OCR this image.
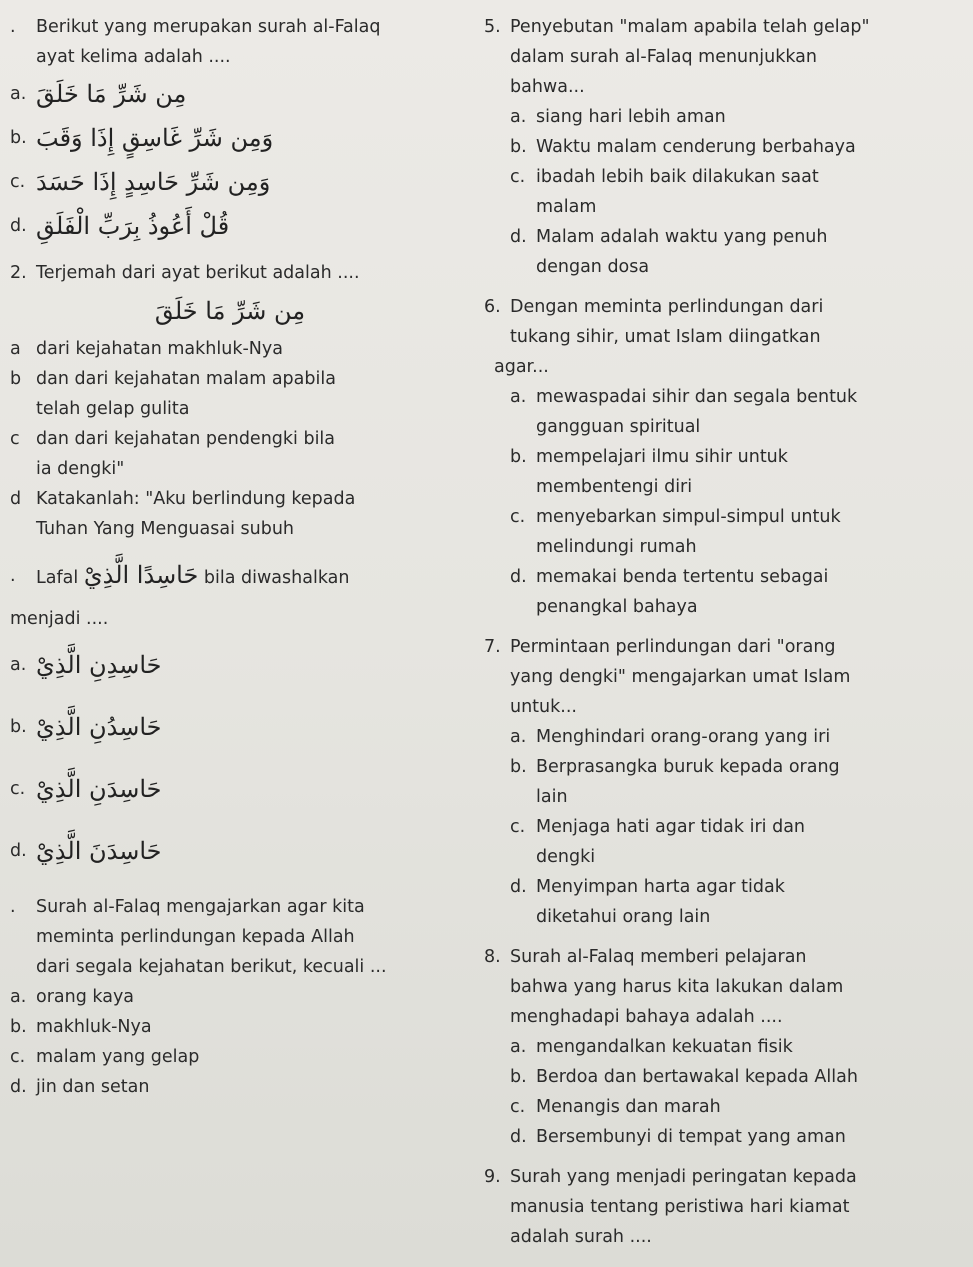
.	Berikut yang merupakan surah al-Falaq
ayat kelima adalah ....
a. مِن شَرِّ مَا خَلَقَ
b. وَمِن شَرِّ غَاسِقٍ إِذَا وَقَبَ
c. وَمِن شَرِّ حَاسِدٍ إِذَا حَسَدَ
d. قُلْ أَعُوذُ بِرَبِّ الْفَلَقِ
2. Terjemah dari ayat berikut adalah ....
مِن شَرِّ مَا خَلَقَ
a dari kejahatan makhluk-Nya
b dan dari kejahatan malam apabila
telah gelap gulita
c dan dari kejahatan pendengki bila
ia dengki"
d Katakanlah: "Aku berlindung kepada
Tuhan Yang Menguasai subuh
.	Lafal حَاسِدًا الَّذِيْ bila diwashalkan
menjadi ....
a. حَاسِدِنِ الَّذِيْ
b. حَاسِدُنِ الَّذِيْ
c. حَاسِدَنِ الَّذِيْ
d. حَاسِدَنَ الَّذِيْ
.	Surah al-Falaq mengajarkan agar kita
meminta perlindungan kepada Allah
dari segala kejahatan berikut, kecuali ...
a. orang kaya
b. makhluk-Nya
c. malam yang gelap
d. jin dan setan
5. Penyebutan "malam apabila telah gelap"
dalam surah al-Falaq menunjukkan
bahwa...
a. siang hari lebih aman
b. Waktu malam cenderung berbahaya
c. ibadah lebih baik dilakukan saat
malam
d. Malam adalah waktu yang penuh
dengan dosa
6. Dengan meminta perlindungan dari
tukang sihir, umat Islam diingatkan
agar...
a. mewaspadai sihir dan segala bentuk
gangguan spiritual
b. mempelajari ilmu sihir untuk
membentengi diri
c. menyebarkan simpul-simpul untuk
melindungi rumah
d. memakai benda tertentu sebagai
penangkal bahaya
7. Permintaan perlindungan dari "orang
yang dengki" mengajarkan umat Islam
untuk...
a. Menghindari orang-orang yang iri
b. Berprasangka buruk kepada orang
lain
c. Menjaga hati agar tidak iri dan
dengki
d. Menyimpan harta agar tidak
diketahui orang lain
8. Surah al-Falaq memberi pelajaran
bahwa yang harus kita lakukan dalam
menghadapi bahaya adalah ....
a. mengandalkan kekuatan fisik
b. Berdoa dan bertawakal kepada Allah
c. Menangis dan marah
d. Bersembunyi di tempat yang aman
9. Surah yang menjadi peringatan kepada
manusia tentang peristiwa hari kiamat
adalah surah ....
